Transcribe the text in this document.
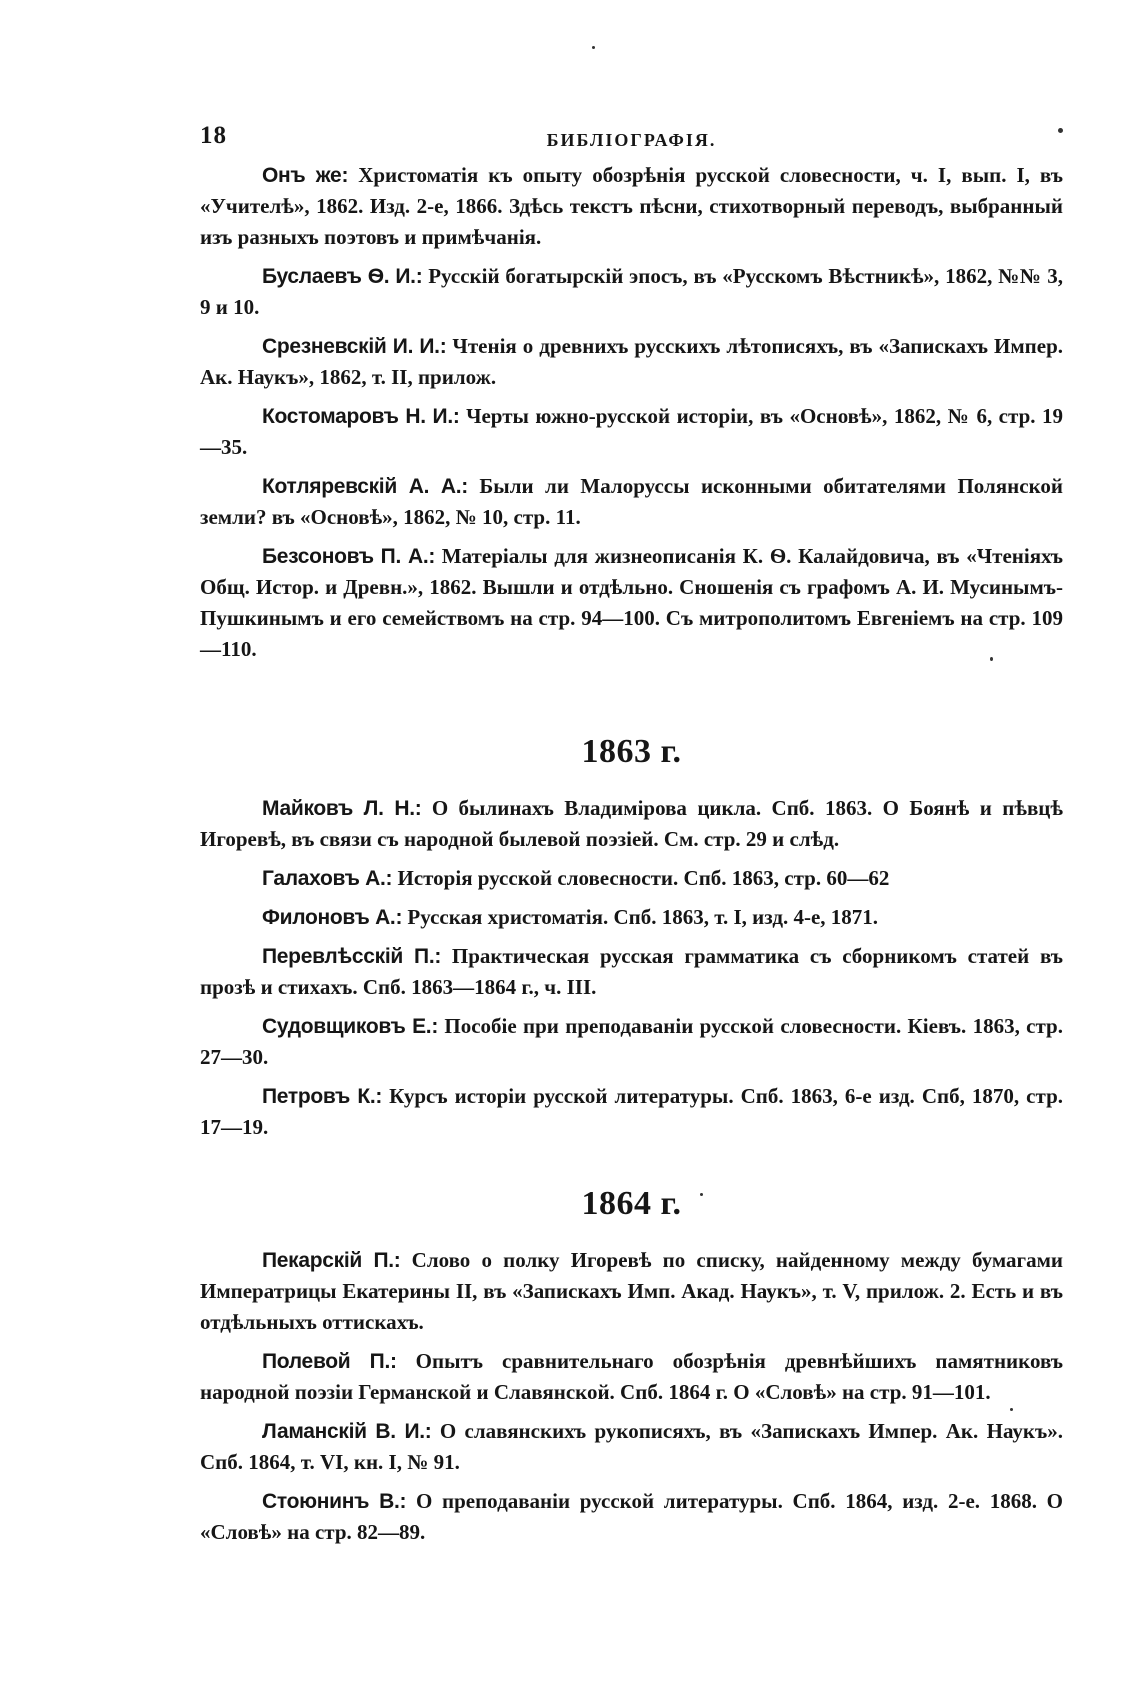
18	БИБЛІОГРАФІЯ.

Онъ же: Христоматія къ опыту обозрѣнія русской словесности, ч. I, вып. I, въ «Учителѣ», 1862. Изд. 2-е, 1866. Здѣсь текстъ пѣсни, стихотворный переводъ, выбранный изъ разныхъ поэтовъ и примѣчанія.

Буслаевъ Ѳ. И.: Русскій богатырскій эпосъ, въ «Русскомъ Вѣстникѣ», 1862, №№ 3, 9 и 10.

Срезневскій И. И.: Чтенія о древнихъ русскихъ лѣтописяхъ, въ «Запискахъ Импер. Ак. Наукъ», 1862, т. II, прилож.

Костомаровъ Н. И.: Черты южно-русской исторіи, въ «Основѣ», 1862, № 6, стр. 19—35.

Котляревскій А. А.: Были ли Малоруссы исконными обитателями Полянской земли? въ «Основѣ», 1862, № 10, стр. 11.

Безсоновъ П. А.: Матеріалы для жизнеописанія К. Ѳ. Калайдовича, въ «Чтеніяхъ Общ. Истор. и Древн.», 1862. Вышли и отдѣльно. Сношенія съ графомъ А. И. Мусинымъ-Пушкинымъ и его семействомъ на стр. 94—100. Съ митрополитомъ Евгеніемъ на стр. 109—110.

1863 г.

Майковъ Л. Н.: О былинахъ Владимірова цикла. Спб. 1863. О Боянѣ и пѣвцѣ Игоревѣ, въ связи съ народной былевой поэзіей. См. стр. 29 и слѣд.

Галаховъ А.: Исторія русской словесности. Спб. 1863, стр. 60—62

Филоновъ А.: Русская христоматія. Спб. 1863, т. I, изд. 4-е, 1871.

Перевлѣсскій П.: Практическая русская грамматика съ сборникомъ статей въ прозѣ и стихахъ. Спб. 1863—1864 г., ч. III.

Судовщиковъ Е.: Пособіе при преподаваніи русской словесности. Кіевъ. 1863, стр. 27—30.

Петровъ К.: Курсъ исторіи русской литературы. Спб. 1863, 6-е изд. Спб, 1870, стр. 17—19.

1864 г.

Пекарскій П.: Слово о полку Игоревѣ по списку, найденному между бумагами Императрицы Екатерины II, въ «Запискахъ Имп. Акад. Наукъ», т. V, прилож. 2. Есть и въ отдѣльныхъ оттискахъ.

Полевой П.: Опытъ сравнительнаго обозрѣнія древнѣйшихъ памятниковъ народной поэзіи Германской и Славянской. Спб. 1864 г. О «Словѣ» на стр. 91—101.

Ламанскій В. И.: О славянскихъ рукописяхъ, въ «Запискахъ Импер. Ак. Наукъ». Спб. 1864, т. VI, кн. I, № 91.

Стоюнинъ В.: О преподаваніи русской литературы. Спб. 1864, изд. 2-е. 1868. О «Словѣ» на стр. 82—89.
